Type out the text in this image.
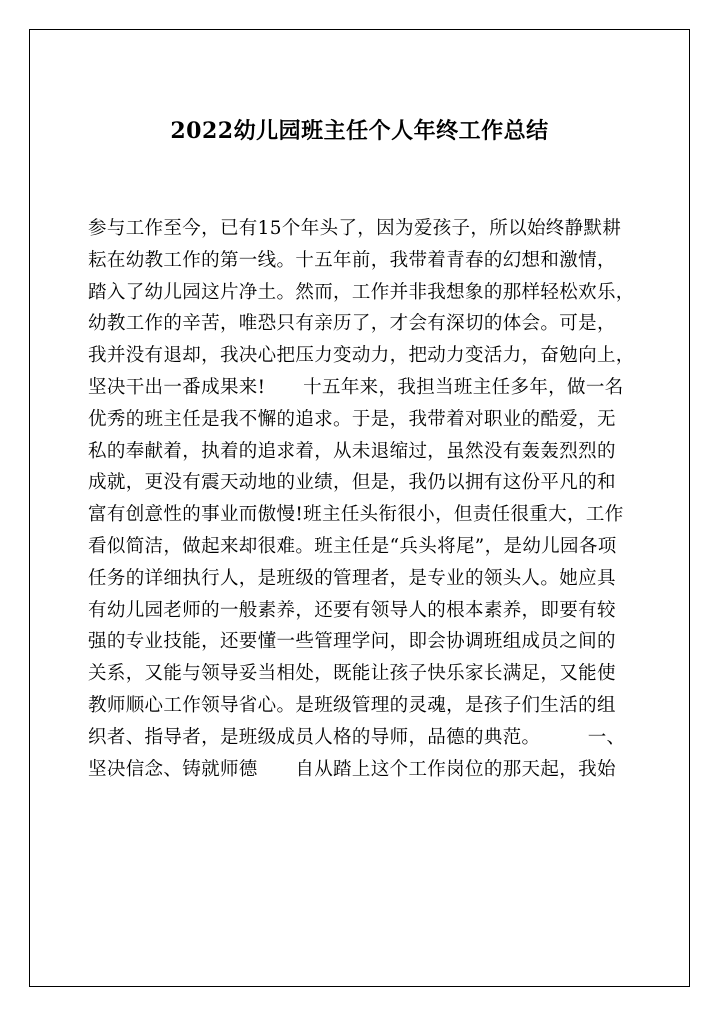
2022幼儿园班主任个人年终工作总结
参与工作至今，已有15个年头了，因为爱孩子，所以始终静默耕
耘在幼教工作的第一线。十五年前，我带着青春的幻想和激情，
踏入了幼儿园这片净土。然而，工作并非我想象的那样轻松欢乐，
幼教工作的辛苦，唯恐只有亲历了，才会有深切的体会。可是，
我并没有退却，我决心把压力变动力，把动力变活力，奋勉向上，
坚决干出一番成果来!　　十五年来，我担当班主任多年，做一名
优秀的班主任是我不懈的追求。于是，我带着对职业的酷爱，无
私的奉献着，执着的追求着，从未退缩过，虽然没有轰轰烈烈的
成就，更没有震天动地的业绩，但是，我仍以拥有这份平凡的和
富有创意性的事业而傲慢!班主任头衔很小，但责任很重大，工作
看似简洁，做起来却很难。班主任是“兵头将尾”，是幼儿园各项
任务的详细执行人，是班级的管理者，是专业的领头人。她应具
有幼儿园老师的一般素养，还要有领导人的根本素养，即要有较
强的专业技能，还要懂一些管理学问，即会协调班组成员之间的
关系，又能与领导妥当相处，既能让孩子快乐家长满足，又能使
教师顺心工作领导省心。是班级管理的灵魂，是孩子们生活的组
织者、指导者，是班级成员人格的导师，品德的典范。　　　一、
坚决信念、铸就师德　　自从踏上这个工作岗位的那天起，我始
